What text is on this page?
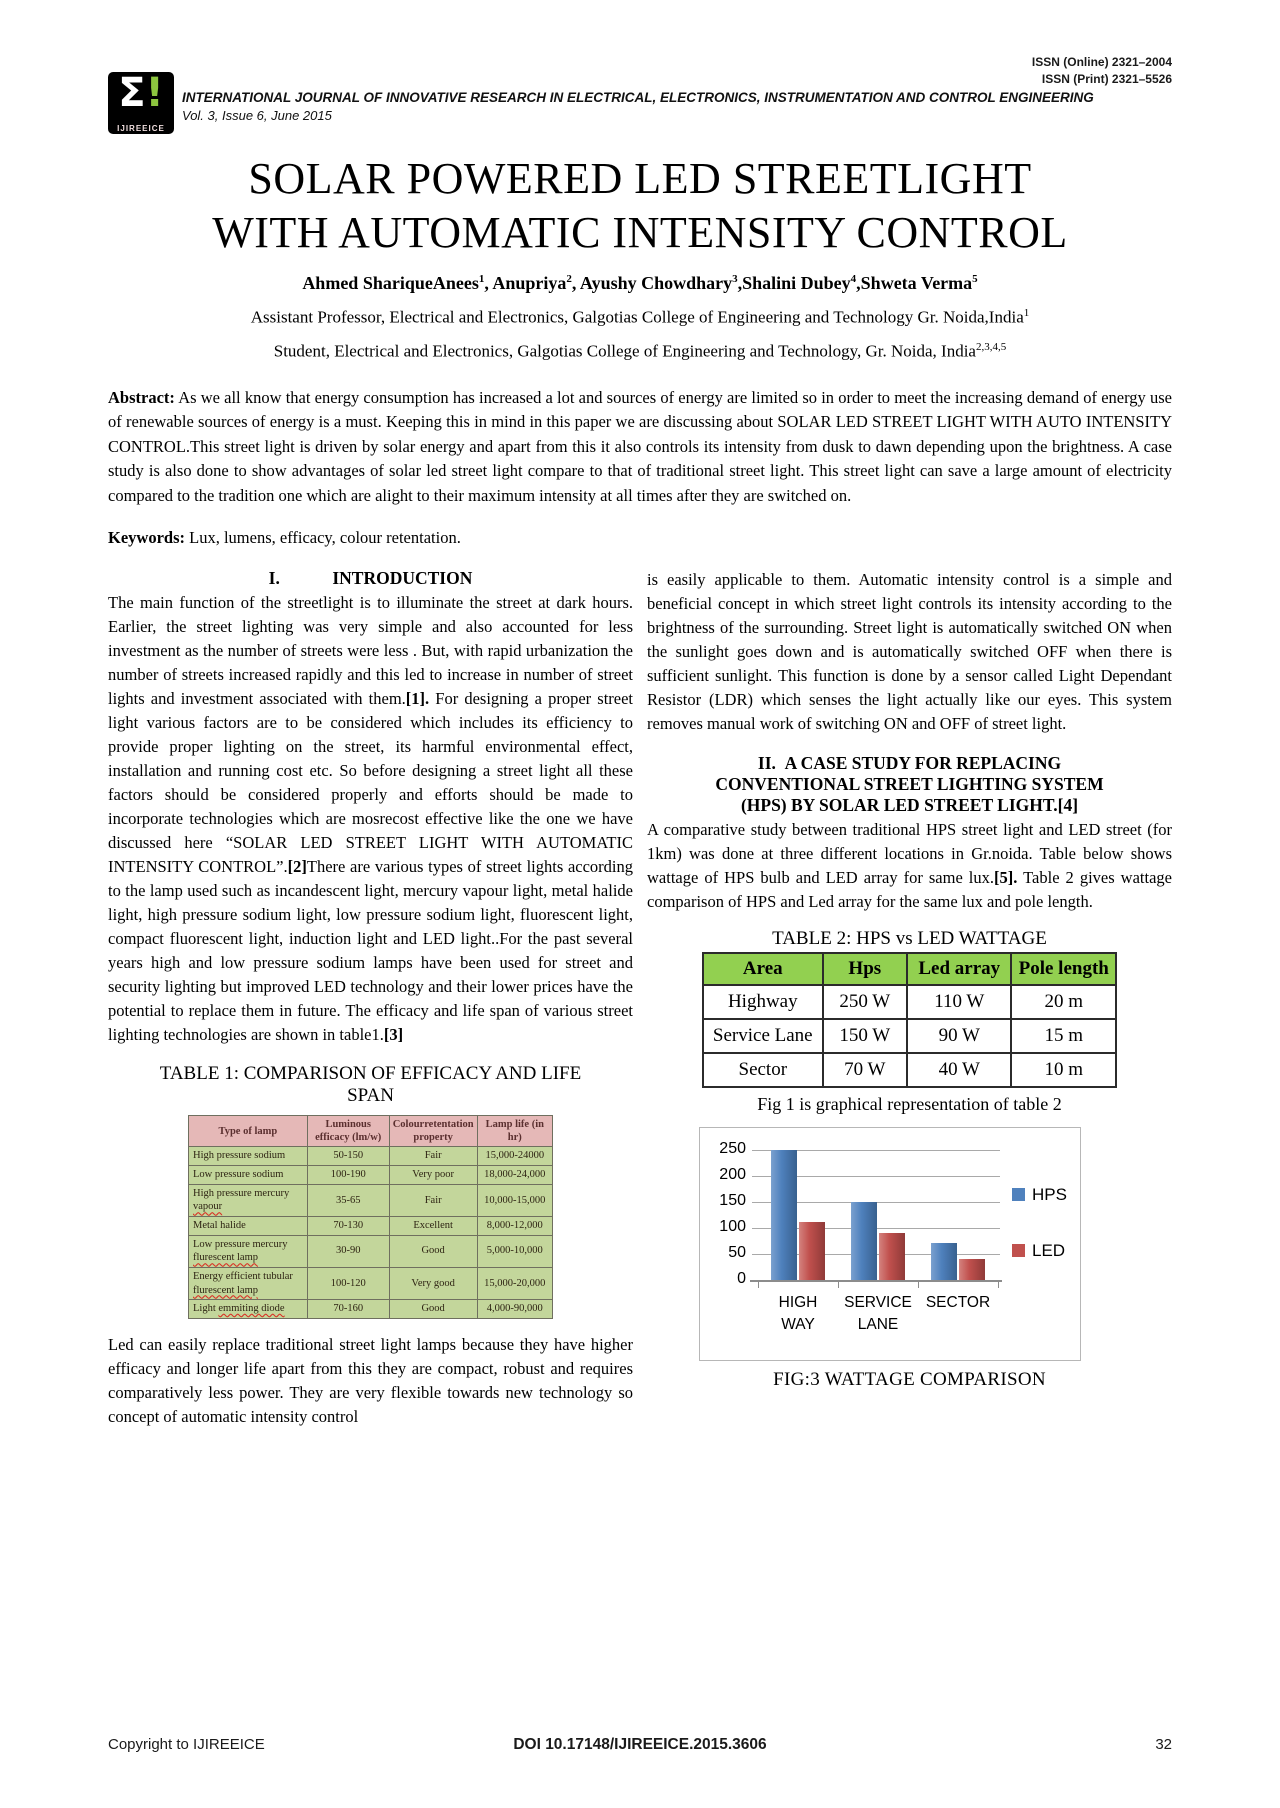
ISSN (Online) 2321–2004
ISSN (Print) 2321–5526
Σ!
IJIREEICE
INTERNATIONAL JOURNAL OF INNOVATIVE RESEARCH IN ELECTRICAL, ELECTRONICS, INSTRUMENTATION AND CONTROL ENGINEERING
Vol. 3, Issue 6, June 2015
SOLAR POWERED LED STREETLIGHT
WITH AUTOMATIC INTENSITY CONTROL
Ahmed ShariqueAnees$^1$, Anupriya$^2$, Ayushy Chowdhary$^3$,Shalini Dubey$^4$,Shweta Verma$^5$
Assistant Professor, Electrical and Electronics, Galgotias College of Engineering and Technology Gr. Noida,India$^1$
Student, Electrical and Electronics, Galgotias College of Engineering and Technology, Gr. Noida, India$^{2,3,4,5}$

Abstract: As we all know that energy consumption has increased a lot and sources of energy are limited so in order to meet the increasing demand of energy use of renewable sources of energy is a must. Keeping this in mind in this paper we are discussing about SOLAR LED STREET LIGHT WITH AUTO INTENSITY CONTROL.This street light is driven by solar energy and apart from this it also controls its intensity from dusk to dawn depending upon the brightness. A case study is also done to show advantages of solar led street light compare to that of traditional street light. This street light can save a large amount of electricity compared to the tradition one which are alight to their maximum intensity at all times after they are switched on.

Keywords: Lux, lumens, efficacy, colour retentation.

I.   INTRODUCTION

The main function of the streetlight is to illuminate the street at dark hours. Earlier, the street lighting was very simple and also accounted for less investment as the number of streets were less . But, with rapid urbanization the number of streets increased rapidly and this led to increase in number of street lights and investment associated with them.[1]. For designing a proper street light various factors are to be considered which includes its efficiency to provide proper lighting on the street, its harmful environmental effect, installation and running cost etc. So before designing a street light all these factors should be considered properly and efforts should be made to incorporate technologies which are mosrecost effective like the one we have discussed here “SOLAR LED STREET LIGHT WITH AUTOMATIC INTENSITY CONTROL”.[2]There are various types of street lights according to the lamp used such as incandescent light, mercury vapour light, metal halide light, high pressure sodium light, low pressure sodium light, fluorescent light, compact fluorescent light, induction light and LED light..For the past several years high and low pressure sodium lamps have been used for street and security lighting but improved LED technology and their lower prices have the potential to replace them in future. The efficacy and life span of various street lighting technologies are shown in table1.[3]

TABLE 1: COMPARISON OF EFFICACY AND LIFE SPAN
Type of lamp	Luminous efficacy (lm/w)	Colourretentation property	Lamp life (in hr)
High pressure sodium	50-150	Fair	15,000-24000
Low pressure sodium	100-190	Very poor	18,000-24,000
High pressure mercury vapour	35-65	Fair	10,000-15,000
Metal halide	70-130	Excellent	8,000-12,000
Low pressure mercury flurescent lamp	30-90	Good	5,000-10,000
Energy efficient tubular flurescent lamp	100-120	Very good	15,000-20,000
Light emmiting diode	70-160	Good	4,000-90,000

Led can easily replace traditional street light lamps because they have higher efficacy and longer life apart from this they are compact, robust and requires comparatively less power. They are very flexible towards new technology so concept of automatic intensity control

is easily applicable to them. Automatic intensity control is a simple and beneficial concept in which street light controls its intensity according to the brightness of the surrounding. Street light is automatically switched ON when the sunlight goes down and is automatically switched OFF when there is sufficient sunlight. This function is done by a sensor called Light Dependant Resistor (LDR) which senses the light actually like our eyes. This system removes manual work of switching ON and OFF of street light.

II. A CASE STUDY FOR REPLACING
CONVENTIONAL STREET LIGHTING SYSTEM
(HPS) BY SOLAR LED STREET LIGHT.[4]

A comparative study between traditional HPS street light and LED street (for 1km) was done at three different locations in Gr.noida. Table below shows wattage of HPS bulb and LED array for same lux.[5]. Table 2 gives wattage comparison of HPS and Led array for the same lux and pole length.

TABLE 2: HPS vs LED WATTAGE
Area	Hps	Led array	Pole length
Highway	250 W	110 W	20 m
Service Lane	150 W	90 W	15 m
Sector	70 W	40 W	10 m
Fig 1 is graphical representation of table 2
0
50
100
150
200
250
HIGH
WAY
SERVICE
LANE
SECTOR
HPS
LED
FIG:3 WATTAGE COMPARISON
Copyright to IJIREEICE	DOI 10.17148/IJIREEICE.2015.3606	32
